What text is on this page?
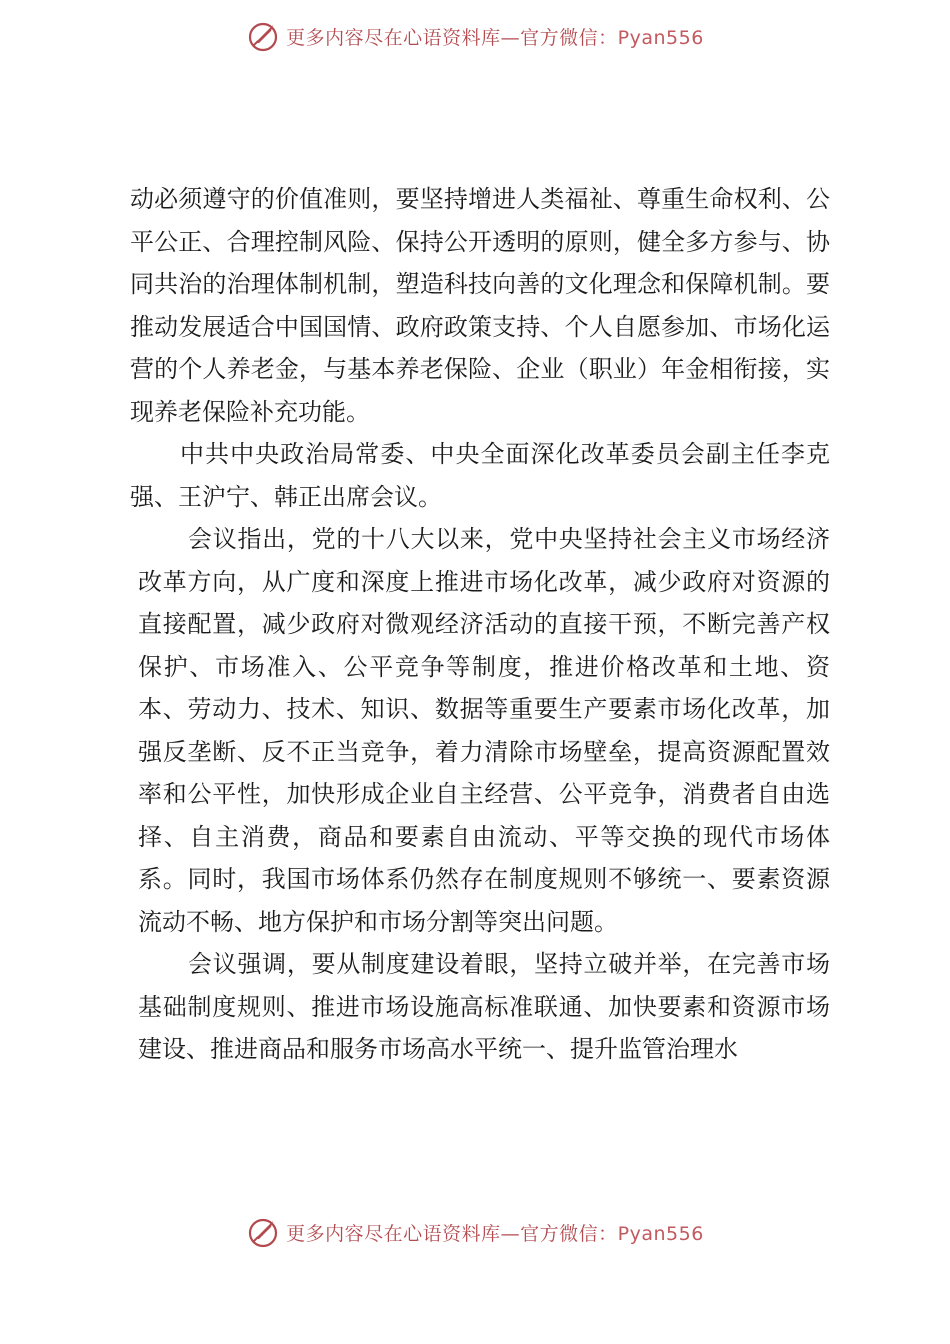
更多内容尽在心语资料库—官方微信：Pyan556

动必须遵守的价值准则，要坚持增进人类福祉、尊重生命权利、公平公正、合理控制风险、保持公开透明的原则，健全多方参与、协同共治的治理体制机制，塑造科技向善的文化理念和保障机制。要推动发展适合中国国情、政府政策支持、个人自愿参加、市场化运营的个人养老金，与基本养老保险、企业（职业）年金相衔接，实现养老保险补充功能。

中共中央政治局常委、中央全面深化改革委员会副主任李克强、王沪宁、韩正出席会议。

会议指出，党的十八大以来，党中央坚持社会主义市场经济改革方向，从广度和深度上推进市场化改革，减少政府对资源的直接配置，减少政府对微观经济活动的直接干预，不断完善产权保护、市场准入、公平竞争等制度，推进价格改革和土地、资本、劳动力、技术、知识、数据等重要生产要素市场化改革，加强反垄断、反不正当竞争，着力清除市场壁垒，提高资源配置效率和公平性，加快形成企业自主经营、公平竞争，消费者自由选择、自主消费，商品和要素自由流动、平等交换的现代市场体系。同时，我国市场体系仍然存在制度规则不够统一、要素资源流动不畅、地方保护和市场分割等突出问题。

会议强调，要从制度建设着眼，坚持立破并举，在完善市场基础制度规则、推进市场设施高标准联通、加快要素和资源市场建设、推进商品和服务市场高水平统一、提升监管治理水

更多内容尽在心语资料库—官方微信：Pyan556
